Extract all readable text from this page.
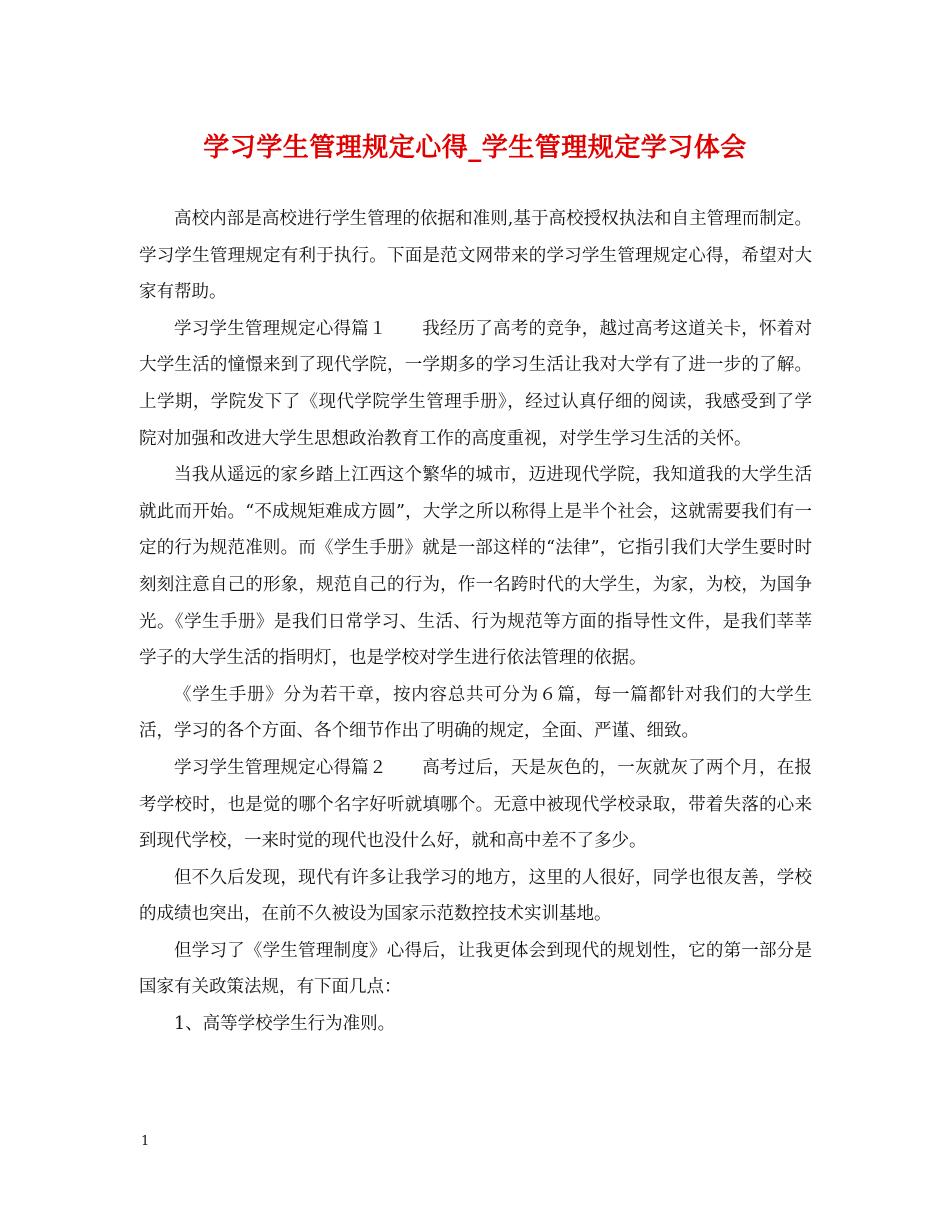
学习学生管理规定心得_学生管理规定学习体会

高校内部是高校进行学生管理的依据和准则,基于高校授权执法和自主管理而制定。学习学生管理规定有利于执行。下面是范文网带来的学习学生管理规定心得，希望对大家有帮助。

学习学生管理规定心得篇１　　我经历了高考的竞争，越过高考这道关卡，怀着对大学生活的憧憬来到了现代学院，一学期多的学习生活让我对大学有了进一步的了解。上学期，学院发下了《现代学院学生管理手册》，经过认真仔细的阅读，我感受到了学院对加强和改进大学生思想政治教育工作的高度重视，对学生学习生活的关怀。

当我从遥远的家乡踏上江西这个繁华的城市，迈进现代学院，我知道我的大学生活就此而开始。“不成规矩难成方圆”，大学之所以称得上是半个社会，这就需要我们有一定的行为规范准则。而《学生手册》就是一部这样的“法律”，它指引我们大学生要时时刻刻注意自己的形象，规范自己的行为，作一名跨时代的大学生，为家，为校，为国争光。《学生手册》是我们日常学习、生活、行为规范等方面的指导性文件，是我们莘莘学子的大学生活的指明灯，也是学校对学生进行依法管理的依据。

《学生手册》分为若干章，按内容总共可分为６篇，每一篇都针对我们的大学生活，学习的各个方面、各个细节作出了明确的规定，全面、严谨、细致。

学习学生管理规定心得篇２　　高考过后，天是灰色的，一灰就灰了两个月，在报考学校时，也是觉的哪个名字好听就填哪个。无意中被现代学校录取，带着失落的心来到现代学校，一来时觉的现代也没什么好，就和高中差不了多少。

但不久后发现，现代有许多让我学习的地方，这里的人很好，同学也很友善，学校的成绩也突出，在前不久被设为国家示范数控技术实训基地。

但学习了《学生管理制度》心得后，让我更体会到现代的规划性，它的第一部分是国家有关政策法规，有下面几点：

1、高等学校学生行为准则。

1
